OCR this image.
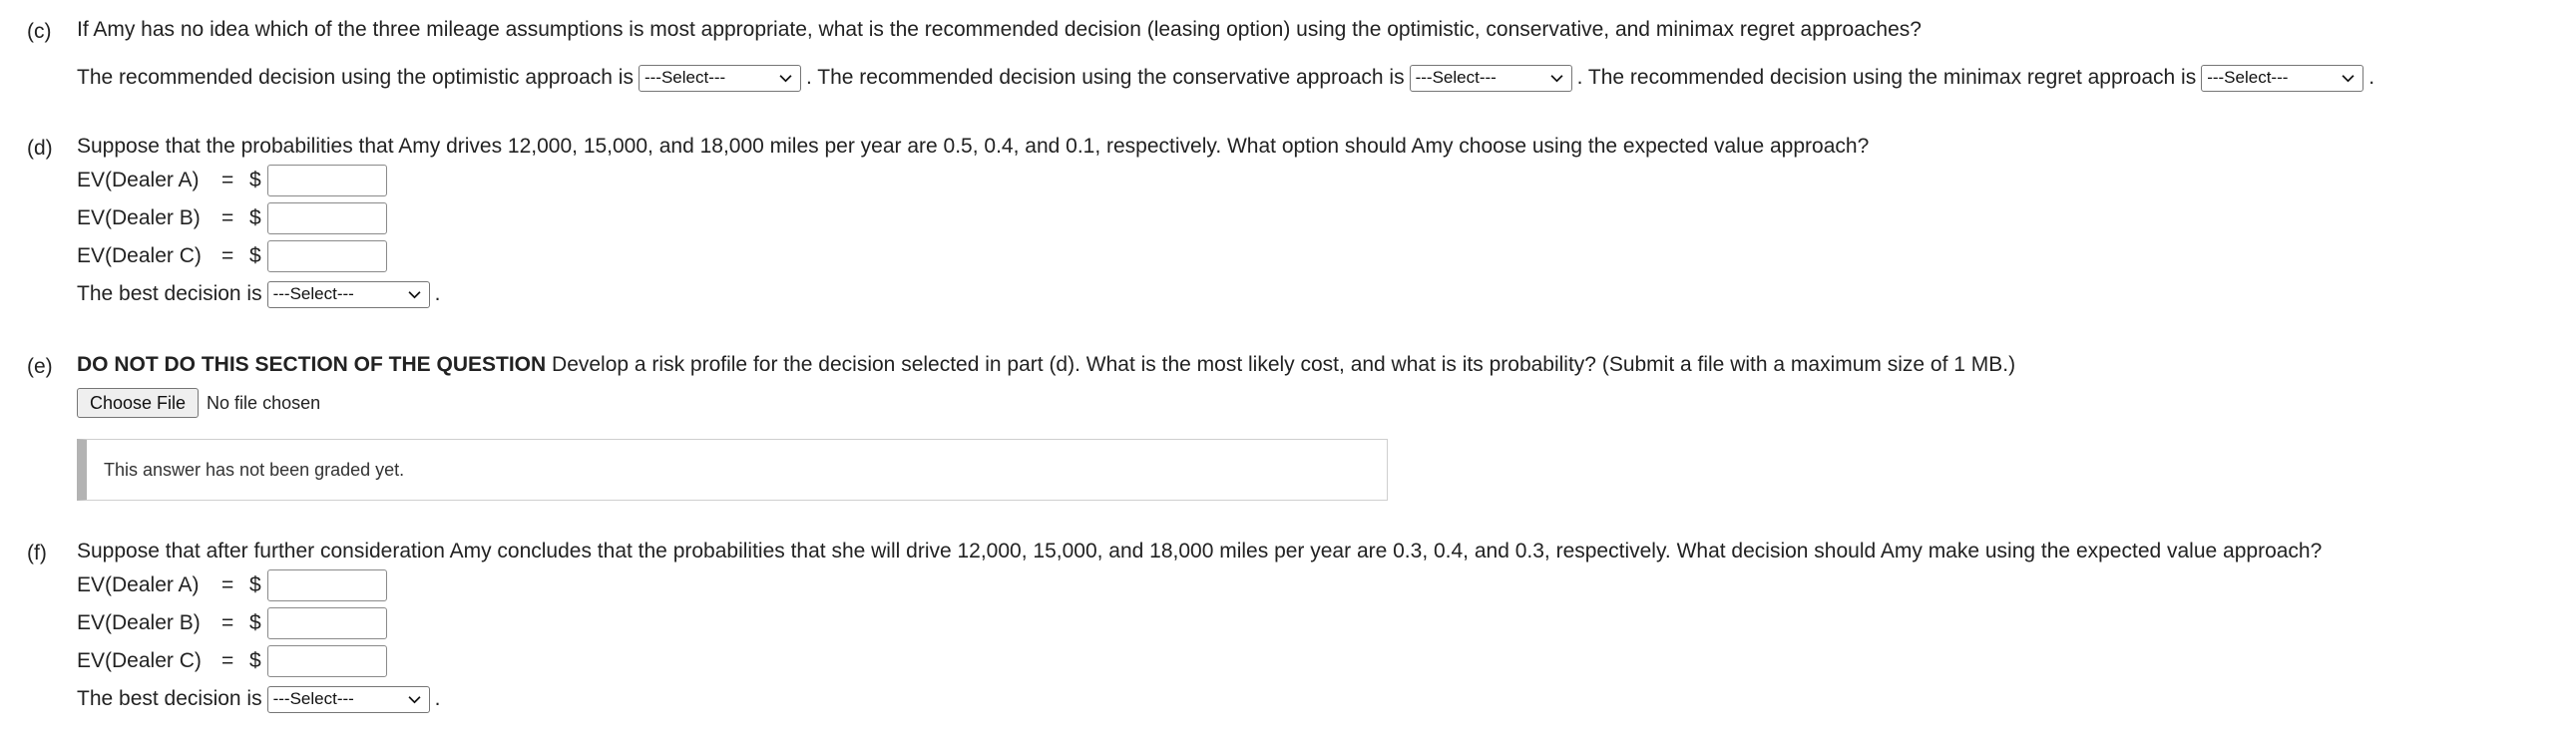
(c) If Amy has no idea which of the three mileage assumptions is most appropriate, what is the recommended decision (leasing option) using the optimistic, conservative, and minimax regret approaches?
The recommended decision using the optimistic approach is ---Select---	. The recommended decision using the conservative approach is ---Select---	. The recommended decision using the minimax regret approach is ---Select---	.
(d) Suppose that the probabilities that Amy drives 12,000, 15,000, and 18,000 miles per year are 0.5, 0.4, and 0.1, respectively. What option should Amy choose using the expected value approach?
EV(Dealer A)	= $
EV(Dealer B)	= $
EV(Dealer C) = $
The best decision is ---Select---	.
(e) DO NOT DO THIS SECTION OF THE QUESTION Develop a risk profile for the decision selected in part (d). What is the most likely cost, and what is its probability? (Submit a file with a maximum size of 1 MB.)
Choose File	No file chosen
This answer has not been graded yet.
(f) Suppose that after further consideration Amy concludes that the probabilities that she will drive 12,000, 15,000, and 18,000 miles per year are 0.3, 0.4, and 0.3, respectively. What decision should Amy make using the expected value approach?
EV(Dealer A)	= $
EV(Dealer B)	= $
EV(Dealer C) = $
The best decision is ---Select---	.
